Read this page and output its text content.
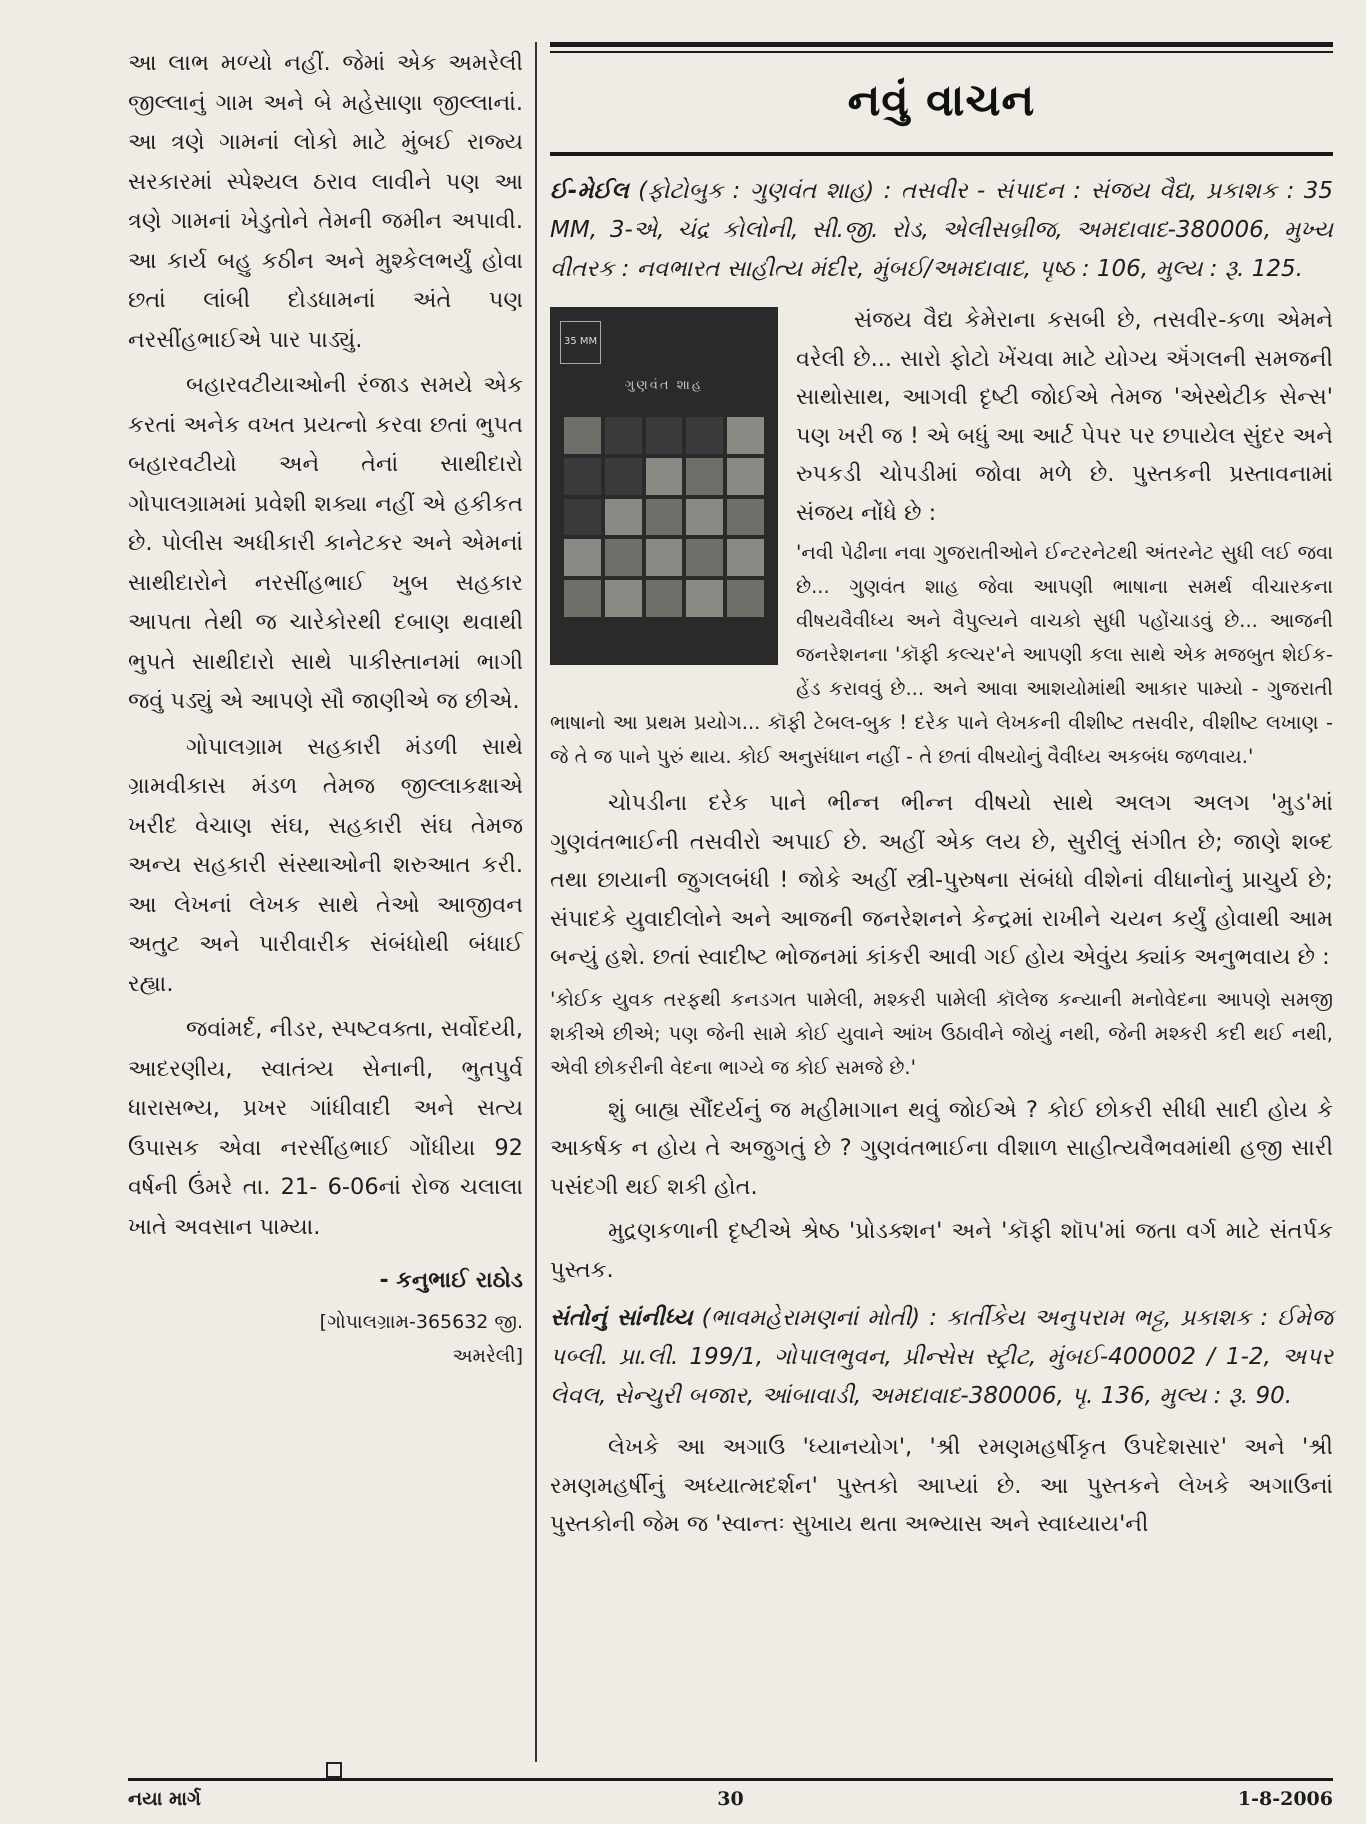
આ લાભ મળ્યો નહીં. જેમાં એક અમરેલી જીલ્લાનું ગામ અને બે મહેસાણા જીલ્લાનાં. આ ત્રણે ગામનાં લોકો માટે મુંબઈ રાજ્ય સરકારમાં સ્પેશ્યલ ઠરાવ લાવીને પણ આ ત્રણે ગામનાં ખેડુતોને તેમની જમીન અપાવી. આ કાર્ય બહુ કઠીન અને મુશ્કેલભર્યું હોવા છતાં લાંબી દોડધામનાં અંતે પણ નરસીંહભાઈએ પાર પાડ્યું.

બહારવટીયાઓની રંજાડ સમયે એક કરતાં અનેક વખત પ્રયત્નો કરવા છતાં ભુપત બહારવટીયો અને તેનાં સાથીદારો ગોપાલગ્રામમાં પ્રવેશી શક્યા નહીં એ હકીકત છે. પોલીસ અધીકારી કાનેટકર અને એમનાં સાથીદારોને નરસીંહભાઈ ખુબ સહકાર આપતા તેથી જ ચારેકોરથી દબાણ થવાથી ભુપતે સાથીદારો સાથે પાકીસ્તાનમાં ભાગી જવું પડ્યું એ આપણે સૌ જાણીએ જ છીએ.

ગોપાલગ્રામ સહકારી મંડળી સાથે ગ્રામવીકાસ મંડળ તેમજ જીલ્લાકક્ષાએ ખરીદ વેચાણ સંઘ, સહકારી સંઘ તેમજ અન્ય સહકારી સંસ્થાઓની શરુઆત કરી. આ લેખનાં લેખક સાથે તેઓ આજીવન અતુટ અને પારીવારીક સંબંધોથી બંધાઈ રહ્યા.

જવાંમર્દ, નીડર, સ્પષ્ટવક્તા, સર્વોદયી, આદરણીય, સ્વાતંત્ર્ય સેનાની, ભુતપુર્વ ધારાસભ્ય, પ્રખર ગાંધીવાદી અને સત્ય ઉપાસક એવા નરસીંહભાઈ ગોંધીયા 92 વર્ષની ઉંમરે તા. 21- 6-06નાં રોજ ચલાલા ખાતે અવસાન પામ્યા.

- કનુભાઈ રાઠોડ
[ગોપાલગ્રામ-365632 જી.
અમરેલી]
નવું વાચન

ઈ-મેઈલ (ફોટોબુક : ગુણવંત શાહ) : તસવીર - સંપાદન : સંજય વૈદ્ય, પ્રકાશક : 35 MM, 3-એ, ચંદ્ર કોલોની, સી.જી. રોડ, એલીસબ્રીજ, અમદાવાદ-380006, મુખ્ય વીતરક : નવભારત સાહીત્ય મંદીર, મુંબઈ/અમદાવાદ, પૃષ્ઠ : 106, મુલ્ય : રૂ. 125.

35 MM
ગુણવંત શાહ

સંજય વૈદ્ય કેમેરાના કસબી છે, તસવીર-કળા એમને વરેલી છે... સારો ફોટો ખેંચવા માટે યોગ્ય ઍંગલની સમજની સાથોસાથ, આગવી દૃષ્ટી જોઈએ તેમજ 'એસ્થેટીક સેન્સ' પણ ખરી જ ! એ બધું આ આર્ટ પેપર પર છપાયેલ સુંદર અને રુપકડી ચોપડીમાં જોવા મળે છે. પુસ્તકની પ્રસ્તાવનામાં સંજય નોંધે છે :

'નવી પેઢીના નવા ગુજરાતીઓને ઈન્ટરનેટથી અંતરનેટ સુધી લઈ જવા છે... ગુણવંત શાહ જેવા આપણી ભાષાના સમર્થ વીચારકના વીષયવૈવીધ્ય અને વૈપુલ્યને વાચકો સુધી પહોંચાડવું છે... આજની જનરેશનના 'કૉફી કલ્ચર'ને આપણી કલા સાથે એક મજબુત શેઈક-હેંડ કરાવવું છે... અને આવા આશયોમાંથી આકાર પામ્યો - ગુજરાતી ભાષાનો આ પ્રથમ પ્રયોગ... કૉફી ટેબલ-બુક ! દરેક પાને લેખકની વીશીષ્ટ તસવીર, વીશીષ્ટ લખાણ - જે તે જ પાને પુરું થાય. કોઈ અનુસંધાન નહીં - તે છતાં વીષયોનું વૈવીધ્ય અકબંધ જળવાય.'

ચોપડીના દરેક પાને ભીન્ન ભીન્ન વીષયો સાથે અલગ અલગ 'મુડ'માં ગુણવંતભાઈની તસવીરો અપાઈ છે. અહીં એક લય છે, સુરીલું સંગીત છે; જાણે શબ્દ તથા છાયાની જુગલબંધી ! જોકે અહીં સ્ત્રી-પુરુષના સંબંધો વીશેનાં વીધાનોનું પ્રાચુર્ય છે; સંપાદકે યુવાદીલોને અને આજની જનરેશનને કેન્દ્રમાં રાખીને ચયન કર્યું હોવાથી આમ બન્યું હશે. છતાં સ્વાદીષ્ટ ભોજનમાં કાંકરી આવી ગઈ હોય એવુંય ક્યાંક અનુભવાય છે :

'કોઈક યુવક તરફથી કનડગત પામેલી, મશ્કરી પામેલી કૉલેજ કન્યાની મનોવેદના આપણે સમજી શકીએ છીએ; પણ જેની સામે કોઈ યુવાને આંખ ઉઠાવીને જોયું નથી, જેની મશ્કરી કદી થઈ નથી, એવી છોકરીની વેદના ભાગ્યે જ કોઈ સમજે છે.'

શું બાહ્ય સૌંદર્યનું જ મહીમાગાન થવું જોઈએ ? કોઈ છોકરી સીધી સાદી હોય કે આકર્ષક ન હોય તે અજુગતું છે ? ગુણવંતભાઈના વીશાળ સાહીત્યવૈભવમાંથી હજી સારી પસંદગી થઈ શકી હોત.

મુદ્રણકળાની દૃષ્ટીએ શ્રેષ્ઠ 'પ્રોડક્શન' અને 'કૉફી શૉપ'માં જતા વર્ગ માટે સંતર્પક પુસ્તક.

સંતોનું સાંનીધ્ય (ભાવમહેરામણનાં મોતી) : કાર્તીકેય અનુપરામ ભટ્ટ, પ્રકાશક : ઈમેજ પબ્લી. પ્રા.લી. 199/1, ગોપાલભુવન, પ્રીન્સેસ સ્ટ્રીટ, મુંબઈ-400002 / 1-2, અપર લેવલ, સેન્ચુરી બજાર, આંબાવાડી, અમદાવાદ-380006, પૃ. 136, મુલ્ય : રૂ. 90.

લેખકે આ અગાઉ 'ધ્યાનયોગ', 'શ્રી રમણમહર્ષીકૃત ઉપદેશસાર' અને 'શ્રી રમણમહર્ષીનું અધ્યાત્મદર્શન' પુસ્તકો આપ્યાં છે. આ પુસ્તકને લેખકે અગાઉનાં પુસ્તકોની જેમ જ 'સ્વાન્તઃ સુખાય થતા અભ્યાસ અને સ્વાધ્યાય'ની

નયા માર્ગ	30	1-8-2006
